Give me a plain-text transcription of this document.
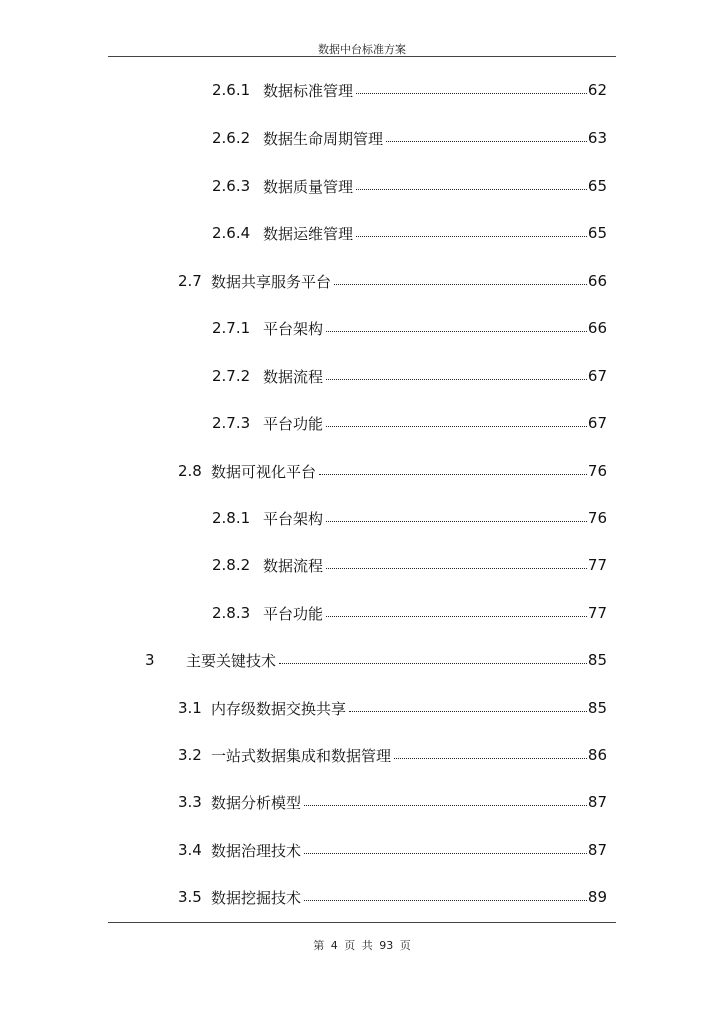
数据中台标准方案
2.6.1 数据标准管理	62
2.6.2 数据生命周期管理	63
2.6.3 数据质量管理	65
2.6.4 数据运维管理	65
2.7 数据共享服务平台	66
2.7.1 平台架构	66
2.7.2 数据流程	67
2.7.3 平台功能	67
2.8 数据可视化平台	76
2.8.1 平台架构	76
2.8.2 数据流程	77
2.8.3 平台功能	77
3	主要关键技术	85
3.1 内存级数据交换共享	85
3.2 一站式数据集成和数据管理	86
3.3 数据分析模型	87
3.4 数据治理技术	87
3.5 数据挖掘技术	89
第 4 页 共 93 页
